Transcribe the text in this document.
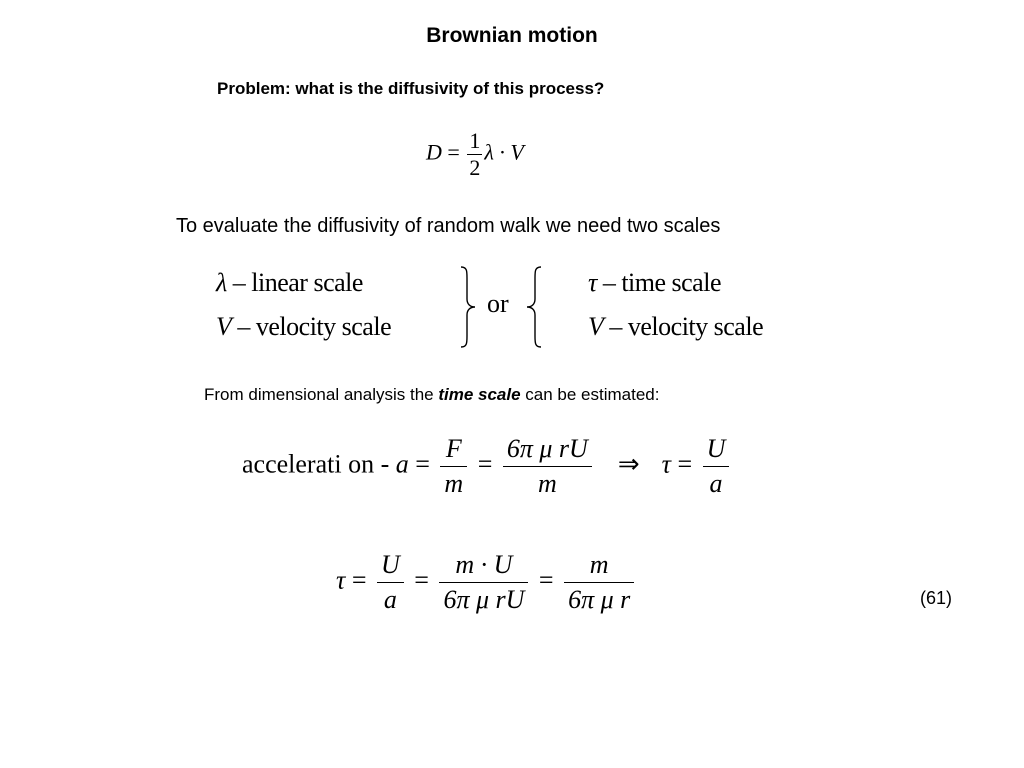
Brownian motion
Problem: what is the diffusivity of this process?
$D = \frac{1}{2}$ λ · V
To evaluate the diffusivity of random walk we need two scales
λ – linear scale
V – velocity scale
or
τ – time scale
V – velocity scale
From dimensional analysis the time scale can be estimated:
accelerati on - $a = \frac{F}{m} = \frac{\text{6π μ rU}}{m}$ ⇒ $\tau = \frac{U}{a}$
$\tau = \frac{U}{a} = \frac{m \cdot U}{\text{6π μ rU}} = \frac{m}{\text{6π μ r}}$	(61)
